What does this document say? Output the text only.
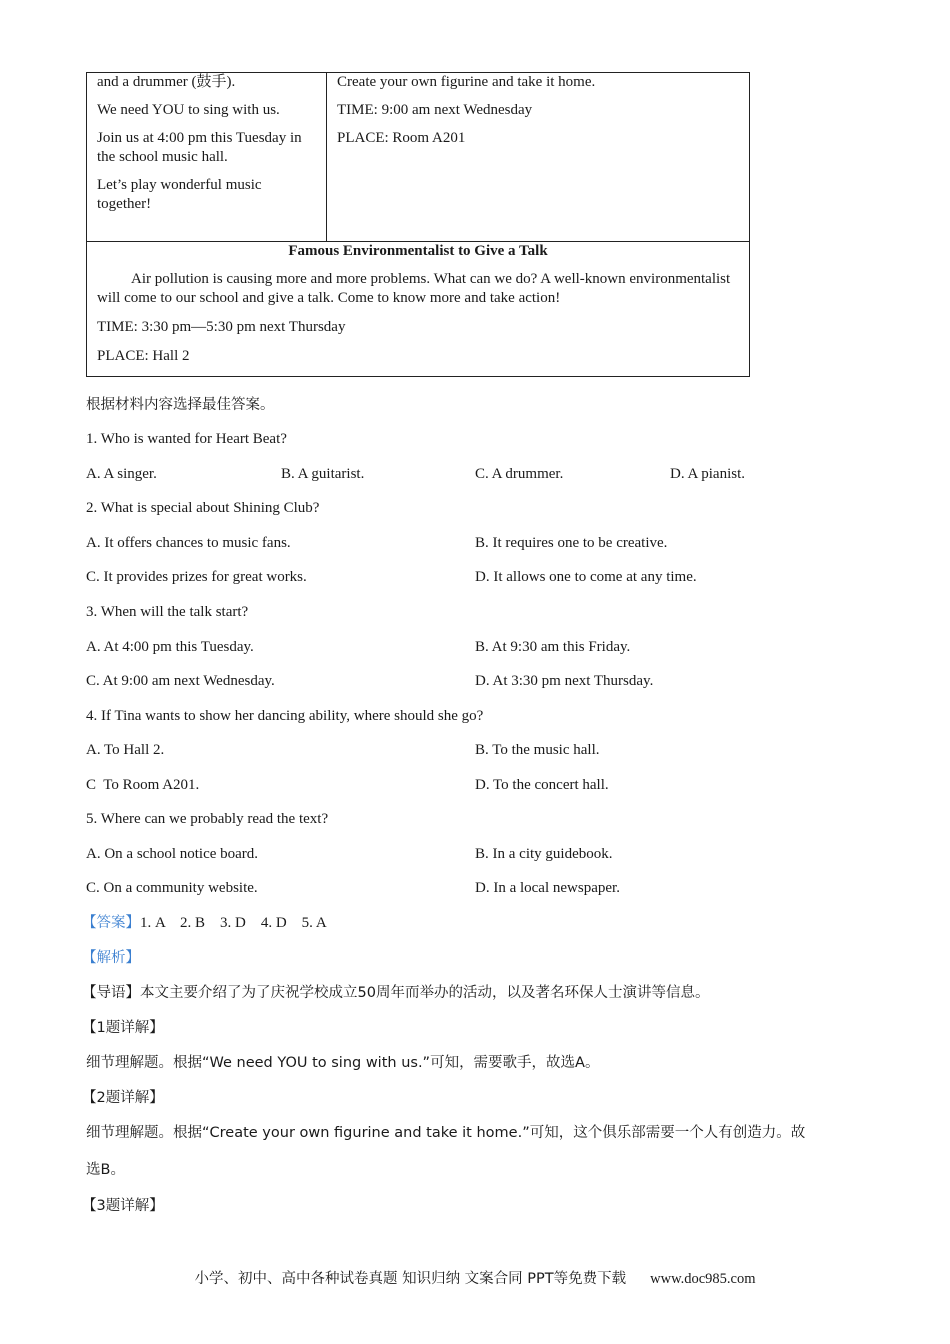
and a drummer (鼓手).

We need YOU to sing with us.

Join us at 4:00 pm this Tuesday in the school music hall.

Let’s play wonderful music together!

Create your own figurine and take it home.

TIME: 9:00 am next Wednesday

PLACE: Room A201

Famous Environmentalist to Give a Talk

Air pollution is causing more and more problems. What can we do? A well-known environmentalist will come to our school and give a talk. Come to know more and take action!

TIME: 3:30 pm—5:30 pm next Thursday

PLACE: Hall 2

根据材料内容选择最佳答案。
1. Who is wanted for Heart Beat?
A. A singer.	B. A guitarist.	C. A drummer.	D. A pianist.
2. What is special about Shining Club?
A. It offers chances to music fans.	B. It requires one to be creative.
C. It provides prizes for great works.	D. It allows one to come at any time.
3. When will the talk start?
A. At 4:00 pm this Tuesday.	B. At 9:30 am this Friday.
C. At 9:00 am next Wednesday.	D. At 3:30 pm next Thursday.
4. If Tina wants to show her dancing ability, where should she go?
A. To Hall 2.	B. To the music hall.
C  To Room A201.	D. To the concert hall.
5. Where can we probably read the text?
A. On a school notice board.	B. In a city guidebook.
C. On a community website.	D. In a local newspaper.
【答案】1. A    2. B    3. D    4. D    5. A
【解析】
【导语】本文主要介绍了为了庆祝学校成立50周年而举办的活动，以及著名环保人士演讲等信息。
【1题详解】
细节理解题。根据“We need YOU to sing with us.”可知，需要歌手，故选A。
【2题详解】
细节理解题。根据“Create your own figurine and take it home.”可知，这个俱乐部需要一个人有创造力。故
选B。
【3题详解】
小学、初中、高中各种试卷真题 知识归纳 文案合同 PPT等免费下载 www.doc985.com
